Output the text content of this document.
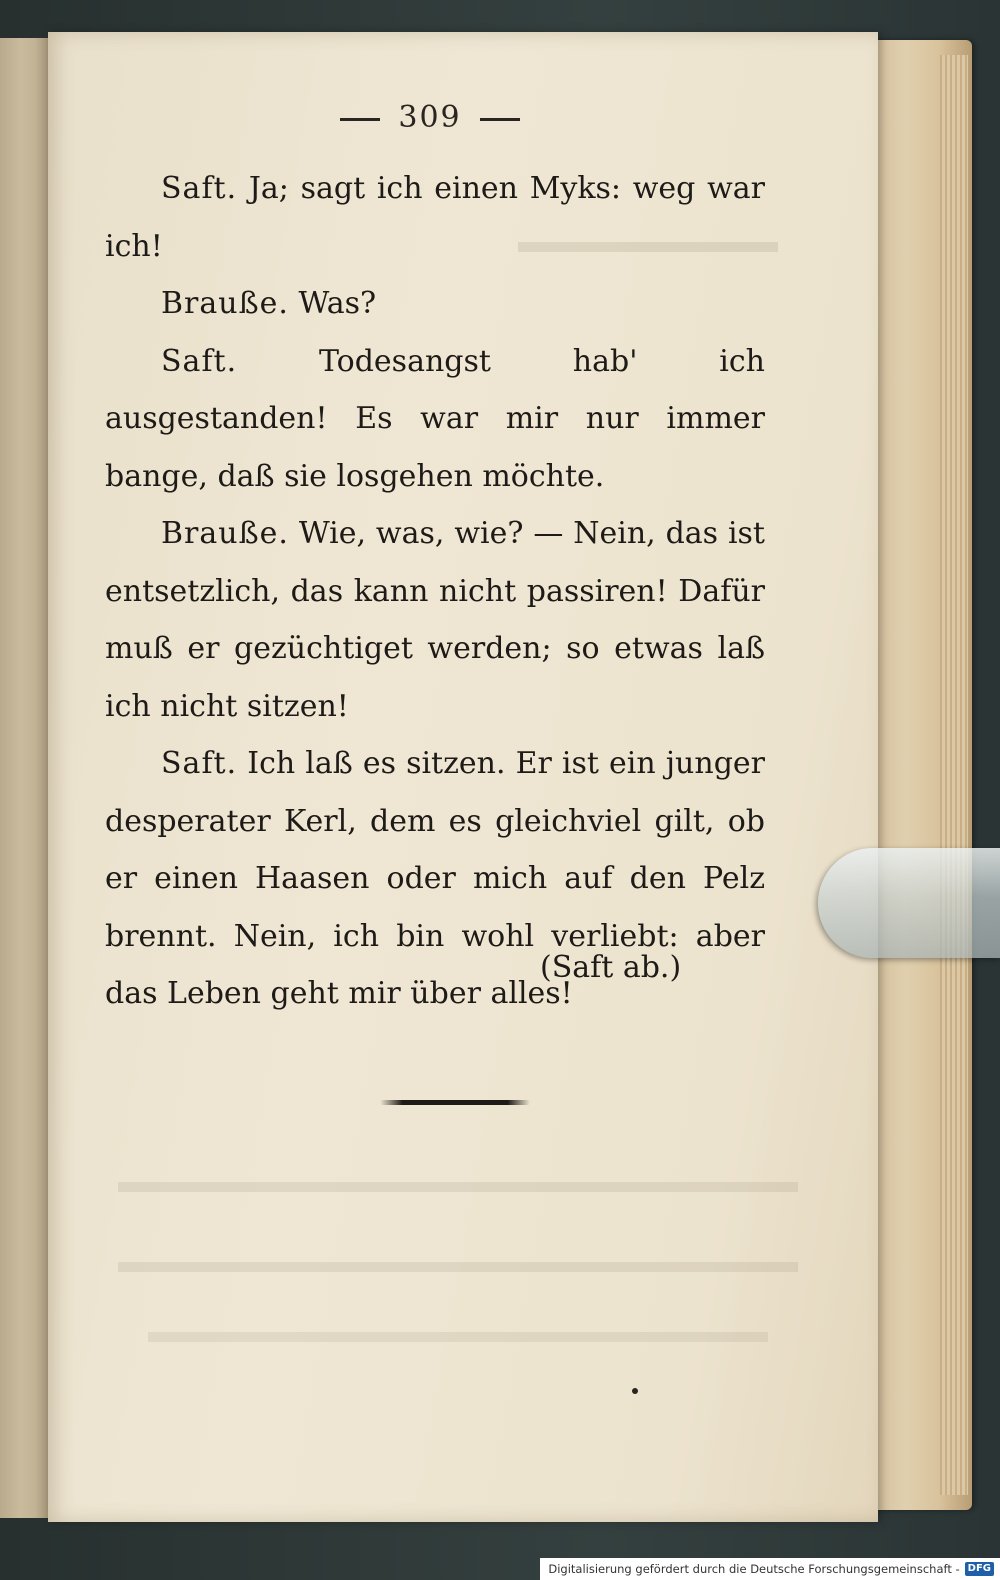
309

Saft. Ja; sagt ich einen Myks: weg war ich!

Brauße. Was?

Saft.	Todesangst hab' ich ausgestanden! Es war mir nur immer bange, daß sie losgehen möchte.

Brauße. Wie, was, wie? — Nein, das ist entsetzlich, das kann nicht passiren! Dafür muß er gezüchtiget werden; so etwas laß ich nicht sitzen!

Saft. Ich laß es sitzen. Er ist ein junger desperater Kerl, dem es gleichviel gilt, ob er einen Haasen oder mich auf den Pelz brennt. Nein, ich bin wohl verliebt: aber das Leben geht mir über alles!

(Saft ab.)
Digitalisierung gefördert durch die Deutsche Forschungsgemeinschaft - DFG
